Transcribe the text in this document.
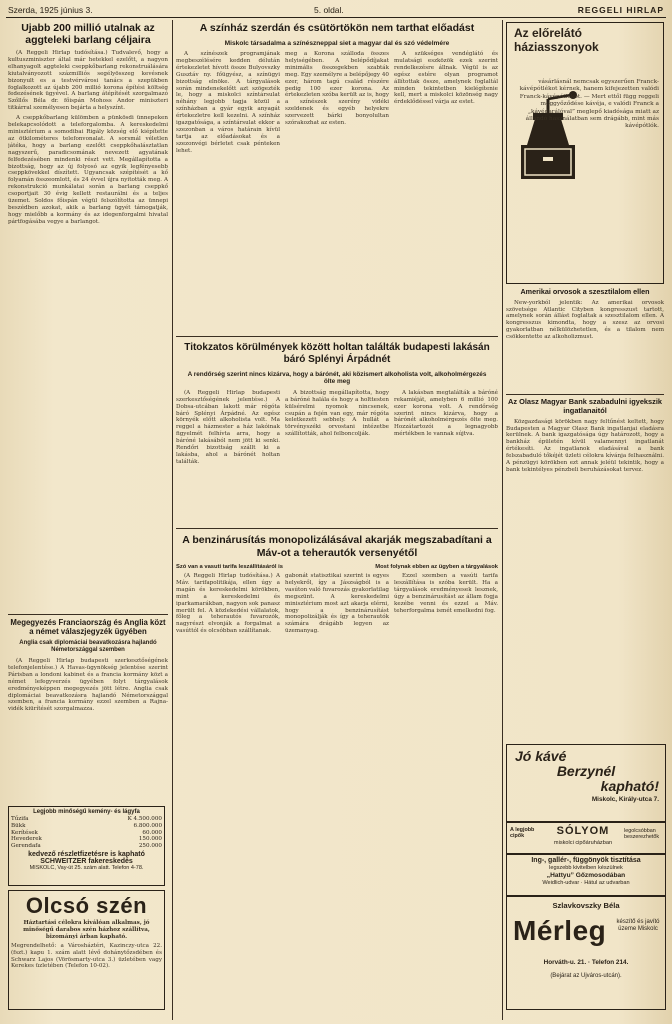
Szerda, 1925 június 3.	5. oldal.	REGGELI HIRLAP

Ujabb 200 millió utalnak az aggteleki barlang céljaira

(A Reggeli Hirlap tudósítása.) Tudvalevő, hogy a kultuszminiszter által már hetekkel ezelőtt, a nagyon elhanyagolt aggteleki cseppkőbarlang rekonstruálására kiutalványozott százmilliós segélyösszeg kevésnek bizonyult es a testvérvárosi tanács a szepükben foglalkozott az újabb 200 millió korona építési költség fedezésének ügyével. A barlang átépítését szorgalmazó Szőllős Béla dr. főispán Mohoss Andor miniszteri titkárral személyesen bejárta a helyszínt.

A cseppkőbarlang külömben a pünkösdi ünnepeken belekapcsolódott a teleforgalomba. A kereskedelmi minisztérium a somodibai Rigály község elő kiépítette az ötkilométeres telefonvonalat. A sorsmál véletlen játéka, hogy a barlang ezelőtt cseppkőhalásztatlan nagyszerű, paradicsomának nevezett agyatának felfedezésében mindenki részt vett. Megállapította a bizottság, hogy az új folyosó az egyik legfényesebb cseppkövekkel díszített. Ugyancsak szépítését a kő folyamán összeomlott, és 24 évvel újra nyitották meg. A rekonstrukció munkálatai során a barlang cseppkő csoportjait 30 évig kellett restaurálni és a teljes üzemet. Soldos főispán végül felszólította az ünnepi beszédben azokat, akik a barlang ügyét támogatják, hogy mielőbb a kormány és az idegenforgalmi hivatal pártfogásába vegye a barlangot.

Megegyezés Franciaország és Anglia közt a német válaszjegyzék ügyében

Anglia csak diplomáciai beavatkozásra hajlandó Németországgal szemben

(A Reggeli Hirlap budapesti szerkesztőségének telefonjelentése.) A Havas-ügynökség jelentése szerint Párisban a londoni kabinet és a francia kormány közt a német lefegyverzés ügyében folyt tárgyalások eredményeképpen megegyezés jött létre. Anglia csak diplomáciai beavatkozásra hajlandó Németországgal szemben, a francia kormány ezzel szemben a Rajna-vidék kiürítését szorgalmazza.

Legjobb minőségű kemény- és lágyfa

Tűzifa	K 4.500.000
Bükk	6.800.000
Kerítések	60.000
Hevederek	150.000
Gerendafa	250.000

kedvező részletfizetésre is kapható

SCHWEITZER fakereskedés

MISKOLC, Vay-út 25. szám alatt. Telefon 4-78.

Olcsó szén

Háztartási célokra kiválóan alkalmas, jó minőségű darabos szén házhoz szállítva, bizományi árban kapható.

Megrendelhető: a Városháztéri, Kazinczy-utca 22. (fszt.) kapu 1. szám alatt lévő dohánytőzsdében és Schwarz Lajos (Vörösmarty-utca 3.) üzletében vagy Kerekes üzletében (Telefon 10-02).

A színház szerdán és csütörtökön nem tarthat előadást

Miskolc társadalma a színészneppal siet a magyar dal és szó védelmére

A színészek programjának megbeszélésére kedden délután értekezletet hívott össze Bulyovszky Gusztáv ny. főügyész, a színügyi bizottság elnöke. A tárgyalások során mindenekelőtt azt szögezték le, hogy a miskolci színtársulat néhány legjobb tagja közül a színházban a gyár egyik anyagát értekezletre kell kezelni. A színház igazgatósága, a színtársulat ekkor a szezonban a város határain kívül tartja az előadásokat és a szezonvégi bérletet csak pénteken lehet.

meg a Korona szálloda összes helyiségében. A belépődíjakat minimális összegekben szabták meg. Egy személyre a belépőjegy 40 ezer, három tagú család részére pedig 100 ezer korona. Az értekezleten szóba került az is, hogy a színészek szerény vidéki szeldenek és egyéb helyekre szervezett bárki bonyolultan szórakozhat az esten.

A szükséges vendéglátó és mulatsági eszközök ezek szerint rendelkezésre állnak. Végül is az egész estére olyan programot állítottak össze, amelynek foglaltál minden tekintetben kielégítenie kell, mert a miskolci közönség nagy érdeklődéssel várja az estet.

Titokzatos körülmények között holtan találták budapesti lakásán báró Splényi Árpádnét

A rendőrség szerint nincs kizárva, hogy a bárónét, aki közismert alkoholista volt, alkoholmérgezés ölte meg

(A Reggeli Hirlap budapesti szerkesztőségének jelentése.) A Dobsa-utcában lakott már régóta báró Splényi Árpádné. Az egész környék előtt alkoholista volt. Ma reggel a házmester a ház lakóinak figyelmét felhívta arra, hogy a báróné lakásából nem jött ki senki. Rendőri bizottság szállt ki a lakásba, ahol a bárónét holtan találták.

A bizottság megállapította, hogy a báróné halála és hogy a holttesten külsérelmi nyomok nincsenek, csupán a fején van egy, már régóta keletkezett sebhely. A hullát a törvényszéki orvostani intézetbe szállították, ahol felboncolják.

A lakásban megtalálták a báróné rekamiéját, amelyben 6 millió 100 ezer korona volt. A rendőrség szerint nincs kizárva, hogy a bárónét alkoholmérgezés ölte meg. Hozzátartozói a legnagyobb mértékben le vannak sújtva.

A benzinárusítás monopolizálásával akarják megszabadítani a Máv-ot a teherautók versenyétől

Szó van a vasuti tarifa leszállításáról is	Most folynak ebben az ügyben a tárgyalások

(A Reggeli Hirlap tudósítása.) A Máv. tarifapolitikája, ellen úgy a magán és kereskedelmi körökben, mint a kereskedelmi és iparkamarákban, nagyon sok panasz merült fel. A közlekedési vállalatok, főleg a teherautós fuvarozók, nagyrészt elvonják a forgalmat a vasúttól és olcsóbban szállítanak.

gabonát statisztikai szerint is egyes helyekről, így a Jászságból is a vasúton való fuvarozás gyakorlatilag megszünt. A kereskedelmi minisztérium most azt akarja elérni, hogy a benzinárusítást monopolizálják és így a teherautók számára drágább legyen az üzemanyag.

Ezzel szemben a vasúti tarifa leszállítása is szóba került. Ha a tárgyalások eredményesek lesznek, úgy a benzinárusítást az állam fogja kezébe venni és ezzel a Máv. teherforgalma ismét emelkedni fog.

Az előrelátó háziasszonyok

vásárlásnál nemcsak egyszerűen Franck-kávépótlékot kérnek, hanem kifejezetten valódi Franck-kávépótlékot. — Mert ettől függ reggeli meggyőződése kávéja, e valódi Franck a „kávédarálóval” meglepő kiadósága miatt az állandó használatban sem drágább, mint más kávépótlók.

Amerikai orvosok a szesztilalom ellen

New-yorkból jelentik: Az amerikai orvosok szövetsége Atlantic Cityben kongresszust tartott, amelynek során állást foglaltak a szesztilalom ellen. A kongresszus kimondta, hogy a szesz az orvosi gyakorlatban nélkülözhetetlen, és a tilalom nem csökkentette az alkoholizmust.

Az Olasz Magyar Bank szabadulni igyekszik ingatlanaitól

Közgazdasági körökben nagy feltűnést keltett, hogy Budapesten a Magyar Olasz Bank ingatlanjai eladásra kerülnek. A bank igazgatósága úgy határozott, hogy a bankház épületén kívül valamennyi ingatlanát értékesíti. Az ingatlanok eladásával a bank felszabaduló tőkéjét üzleti célokra kívánja felhasználni. A pénzügyi körökben ezt annak jeléül tekintik, hogy a bank tekintélyes pénzbeli beruházásokat tervez.

Jó kávé

Berzynél

kapható!

Miskolc, Király-utca 7.

A legjobb cipők	SÓLYOM
miskolci cipőáruházban
legolcsóbban beszerezhetők

Ing-, gallér-, függönyök tisztítása

legszebb kivitelben készülnek

„Hattyu” Gőzmosodában

Weidlich-udvar · Hátul az udvarban

Szlavkovszky Béla

Mérleg készítő és javító üzeme Miskolc

Horváth-u. 21. · Telefon 214.

(Bejárat az Ujváros-utcán).
